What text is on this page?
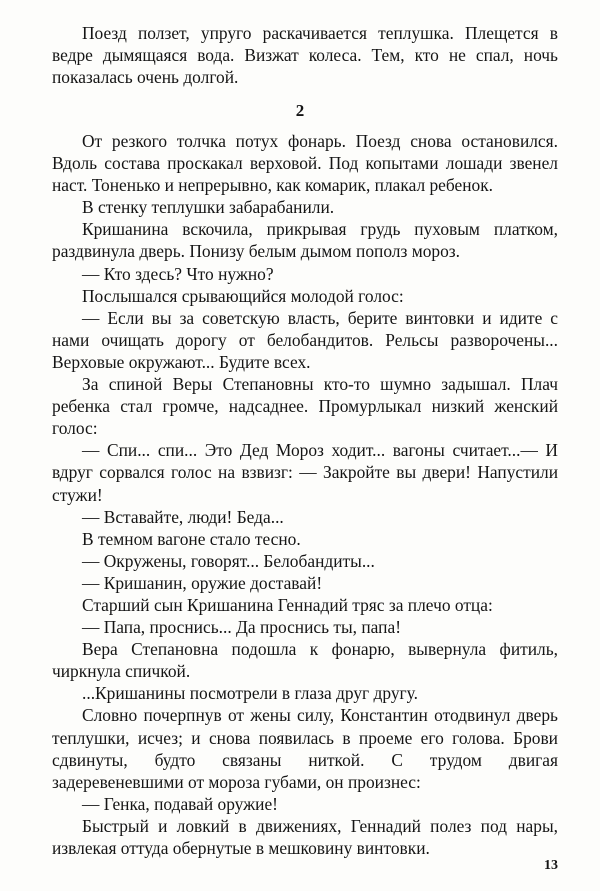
Поезд ползет, упруго раскачивается теплушка. Плещется в ведре дымящаяся вода. Визжат колеса. Тем, кто не спал, ночь показалась очень долгой.

2

От резкого толчка потух фонарь. Поезд снова остановился. Вдоль состава проскакал верховой. Под копытами лошади звенел наст. Тоненько и непрерывно, как комарик, плакал ребенок.

В стенку теплушки забарабанили.

Кришанина вскочила, прикрывая грудь пуховым платком, раздвинула дверь. Понизу белым дымом пополз мороз.

— Кто здесь? Что нужно?

Послышался срывающийся молодой голос:

— Если вы за советскую власть, берите винтовки и идите с нами очищать дорогу от белобандитов. Рельсы разворочены... Верховые окружают... Будите всех.

За спиной Веры Степановны кто-то шумно задышал. Плач ребенка стал громче, надсаднее. Промурлыкал низкий женский голос:

— Спи... спи... Это Дед Мороз ходит... вагоны считает...— И вдруг сорвался голос на взвизг: — Закройте вы двери! Напустили стужи!

— Вставайте, люди! Беда...

В темном вагоне стало тесно.

— Окружены, говорят... Белобандиты...

— Кришанин, оружие доставай!

Старший сын Кришанина Геннадий тряс за плечо отца:

— Папа, проснись... Да проснись ты, папа!

Вера Степановна подошла к фонарю, вывернула фитиль, чиркнула спичкой.

...Кришанины посмотрели в глаза друг другу.

Словно почерпнув от жены силу, Константин отодвинул дверь теплушки, исчез; и снова появилась в проеме его голова. Брови сдвинуты, будто связаны ниткой. С трудом двигая задеревеневшими от мороза губами, он произнес:

— Генка, подавай оружие!

Быстрый и ловкий в движениях, Геннадий полез под нары, извлекая оттуда обернутые в мешковину винтовки.

13
